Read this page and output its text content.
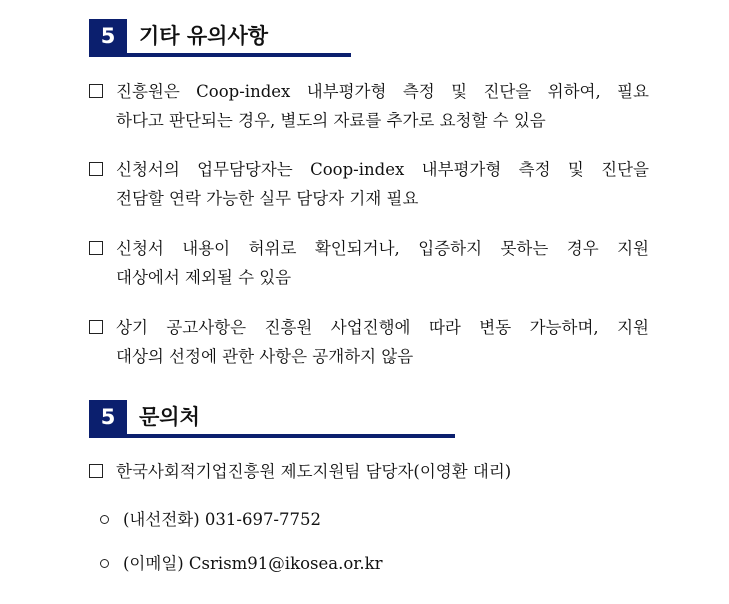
5	기타 유의사항
진흥원은 Coop-index 내부평가형 측정 및 진단을 위하여, 필요
하다고 판단되는 경우, 별도의 자료를 추가로 요청할 수 있음
신청서의 업무담당자는 Coop-index 내부평가형 측정 및 진단을
전담할 연락 가능한 실무 담당자 기재 필요
신청서 내용이 허위로 확인되거나, 입증하지 못하는 경우 지원
대상에서 제외될 수 있음
상기 공고사항은 진흥원 사업진행에 따라 변동 가능하며, 지원
대상의 선정에 관한 사항은 공개하지 않음
5	문의처
한국사회적기업진흥원 제도지원팀 담당자(이영환 대리)
(내선전화) 031-697-7752
(이메일) Csrism91@ikosea.or.kr
